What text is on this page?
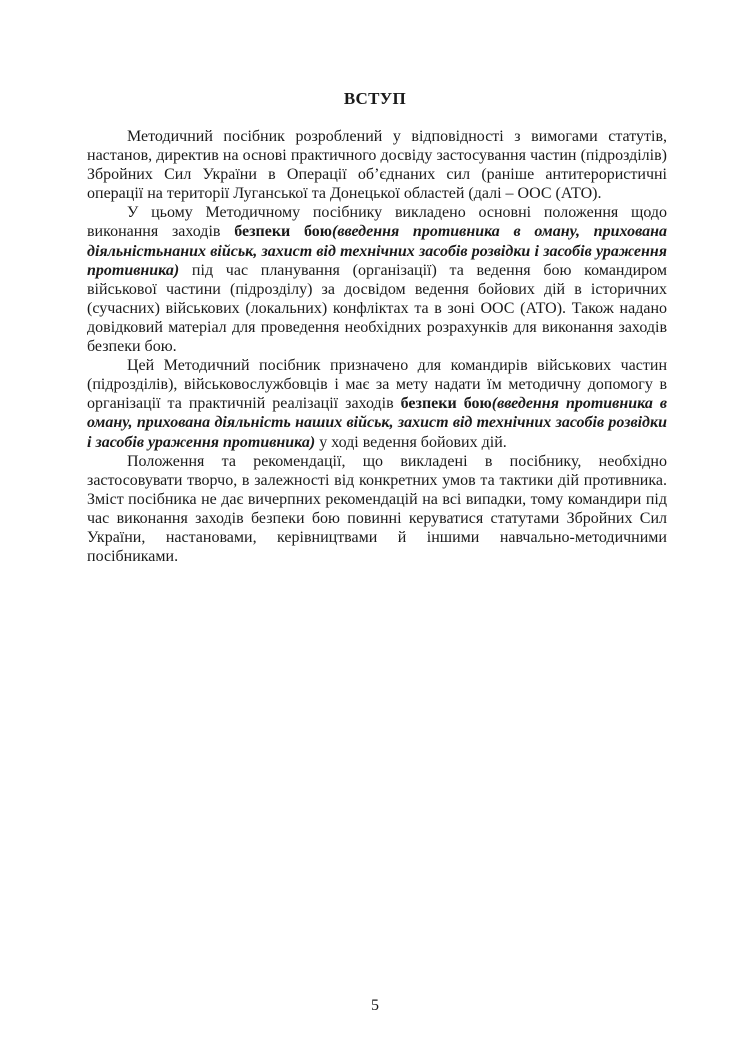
ВСТУП

Методичний посібник розроблений у відповідності з вимогами статутів, настанов, директив на основі практичного досвіду застосування частин (підрозділів) Збройних Сил України в Операції об’єднаних сил (раніше антитерористичні операції на території Луганської та Донецької областей (далі – ООС (АТО).

У цьому Методичному посібнику викладено основні положення щодо виконання заходів безпеки бою(введення противника в оману, прихована діяльністьнаних військ, захист від технічних засобів розвідки і засобів ураження противника) під час планування (організації) та ведення бою командиром військової частини (підрозділу) за досвідом ведення бойових дій в історичних (сучасних) військових (локальних) конфліктах та в зоні ООС (АТО). Також надано довідковий матеріал для проведення необхідних розрахунків для виконання заходів безпеки бою.

Цей Методичний посібник призначено для командирів військових частин (підрозділів), військовослужбовців і має за мету надати їм методичну допомогу в організації та практичній реалізації заходів безпеки бою(введення противника в оману, прихована діяльність наших військ, захист від технічних засобів розвідки і засобів ураження противника) у ході ведення бойових дій.

Положення та рекомендації, що викладені в посібнику, необхідно застосовувати творчо, в залежності від конкретних умов та тактики дій противника. Зміст посібника не дає вичерпних рекомендацій на всі випадки, тому командири під час виконання заходів безпеки бою повинні керуватися статутами Збройних Сил України, настановами, керівництвами й іншими навчально-методичними посібниками.

5
